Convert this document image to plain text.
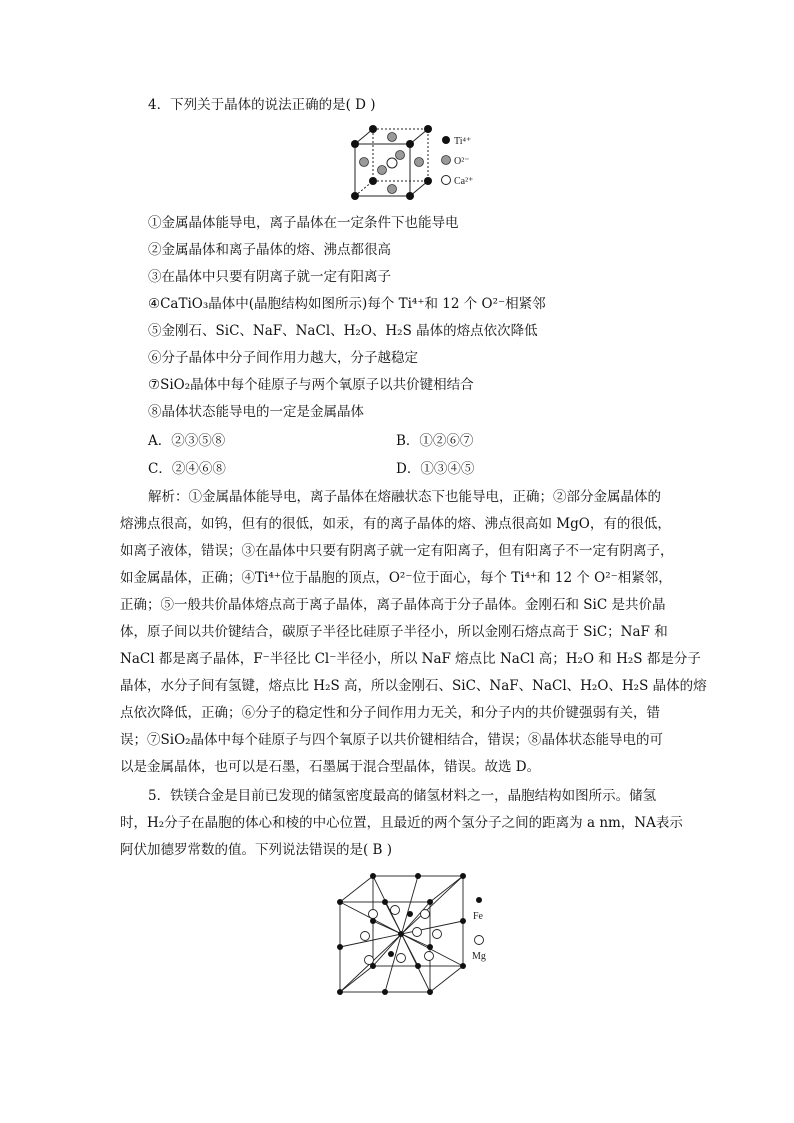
4．下列关于晶体的说法正确的是( D )
Ti⁴⁺
O²⁻
Ca²⁺
①金属晶体能导电，离子晶体在一定条件下也能导电
②金属晶体和离子晶体的熔、沸点都很高
③在晶体中只要有阴离子就一定有阳离子
④CaTiO₃晶体中(晶胞结构如图所示)每个 Ti⁴⁺和 12 个 O²⁻相紧邻
⑤金刚石、SiC、NaF、NaCl、H₂O、H₂S 晶体的熔点依次降低
⑥分子晶体中分子间作用力越大，分子越稳定
⑦SiO₂晶体中每个硅原子与两个氧原子以共价键相结合
⑧晶体状态能导电的一定是金属晶体
A．②③⑤⑧	B．①②⑥⑦
C．②④⑥⑧	D．①③④⑤
解析：①金属晶体能导电，离子晶体在熔融状态下也能导电，正确；②部分金属晶体的
熔沸点很高，如钨，但有的很低，如汞，有的离子晶体的熔、沸点很高如 MgO，有的很低，
如离子液体，错误；③在晶体中只要有阴离子就一定有阳离子，但有阳离子不一定有阴离子，
如金属晶体，正确；④Ti⁴⁺位于晶胞的顶点，O²⁻位于面心，每个 Ti⁴⁺和 12 个 O²⁻相紧邻，
正确；⑤一般共价晶体熔点高于离子晶体，离子晶体高于分子晶体。金刚石和 SiC 是共价晶
体，原子间以共价键结合，碳原子半径比硅原子半径小，所以金刚石熔点高于 SiC；NaF 和
NaCl 都是离子晶体，F⁻半径比 Cl⁻半径小，所以 NaF 熔点比 NaCl 高；H₂O 和 H₂S 都是分子
晶体，水分子间有氢键，熔点比 H₂S 高，所以金刚石、SiC、NaF、NaCl、H₂O、H₂S 晶体的熔
点依次降低，正确；⑥分子的稳定性和分子间作用力无关，和分子内的共价键强弱有关，错
误；⑦SiO₂晶体中每个硅原子与四个氧原子以共价键相结合，错误；⑧晶体状态能导电的可
以是金属晶体，也可以是石墨，石墨属于混合型晶体，错误。故选 D。
5．铁镁合金是目前已发现的储氢密度最高的储氢材料之一，晶胞结构如图所示。储氢
时，H₂分子在晶胞的体心和棱的中心位置，且最近的两个氢分子之间的距离为 a nm，NA表示
阿伏加德罗常数的值。下列说法错误的是( B )
Fe
Mg
